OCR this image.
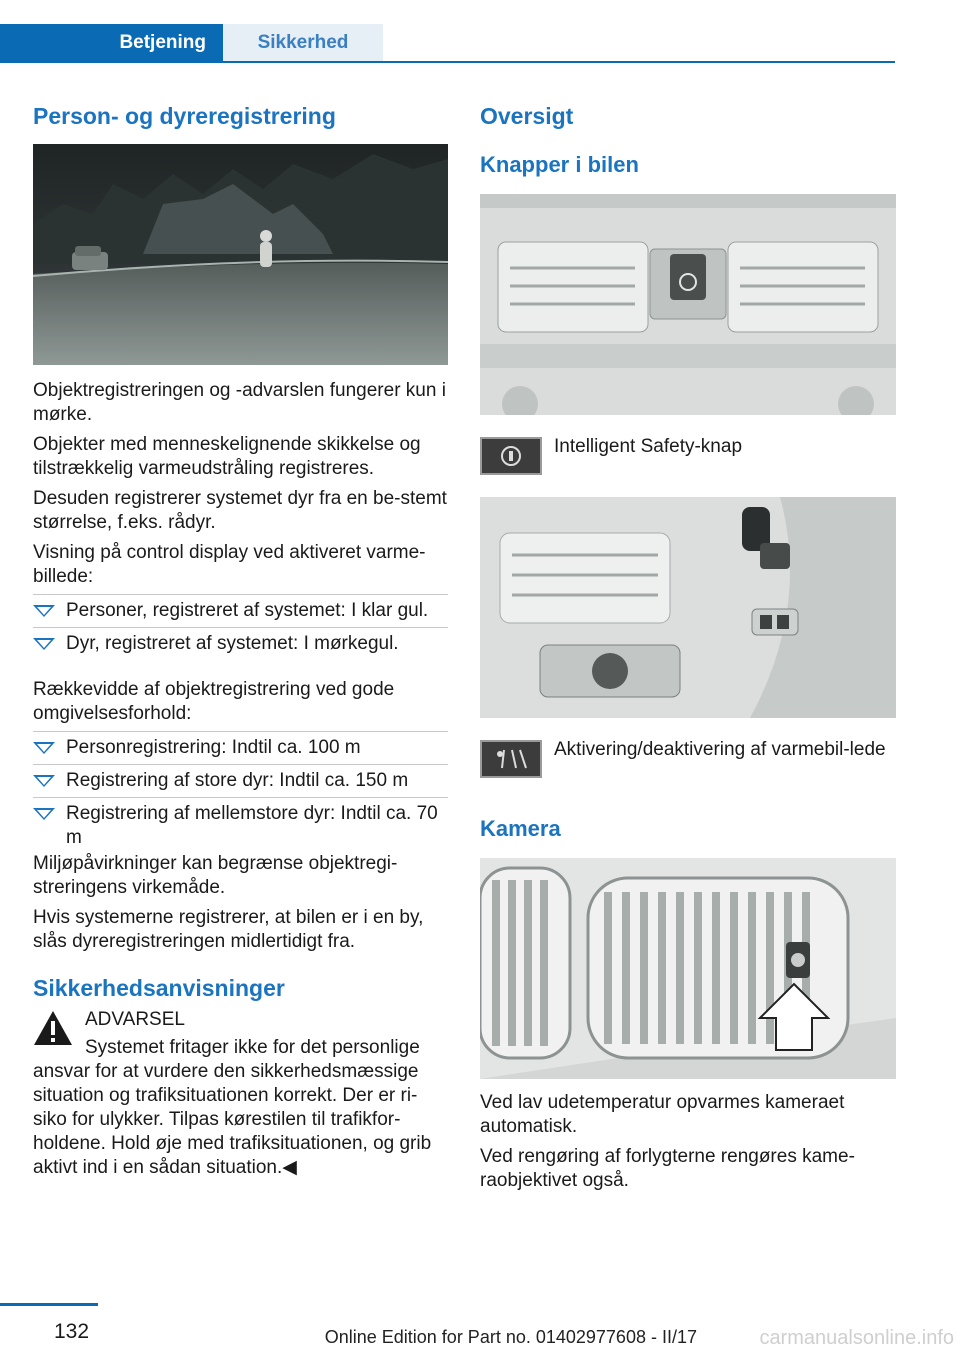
Betjening	Sikkerhed
Person- og dyreregistrering

Objektregistreringen og -advarslen fungerer kun i mørke.

Objekter med menneskelignende skikkelse og tilstrækkelig varmeudstråling registreres.

Desuden registrerer systemet dyr fra en be-stemt størrelse, f.eks. rådyr.

Visning på control display ved aktiveret varme-billede:

Personer, registreret af systemet: I klar gul.
Dyr, registreret af systemet: I mørkegul.

Rækkevidde af objektregistrering ved gode omgivelsesforhold:

Personregistrering: Indtil ca. 100 m
Registrering af store dyr: Indtil ca. 150 m
Registrering af mellemstore dyr: Indtil ca. 70 m

Miljøpåvirkninger kan begrænse objektregi-streringens virkemåde.

Hvis systemerne registrerer, at bilen er i en by, slås dyreregistreringen midlertidigt fra.

Sikkerhedsanvisninger

ADVARSEL

Systemet fritager ikke for det personlige ansvar for at vurdere den sikkerhedsmæssige situation og trafiksituationen korrekt. Der er ri-siko for ulykker. Tilpas kørestilen til trafikfor-holdene. Hold øje med trafiksituationen, og grib aktivt ind i en sådan situation.◀

Oversigt
Knapper i bilen

Intelligent Safety-knap

Aktivering/deaktivering af varmebil-lede

Kamera

Ved lav udetemperatur opvarmes kameraet automatisk.

Ved rengøring af forlygterne rengøres kame-raobjektivet også.

132	Online Edition for Part no. 01402977608 - II/17	carmanualsonline.info
